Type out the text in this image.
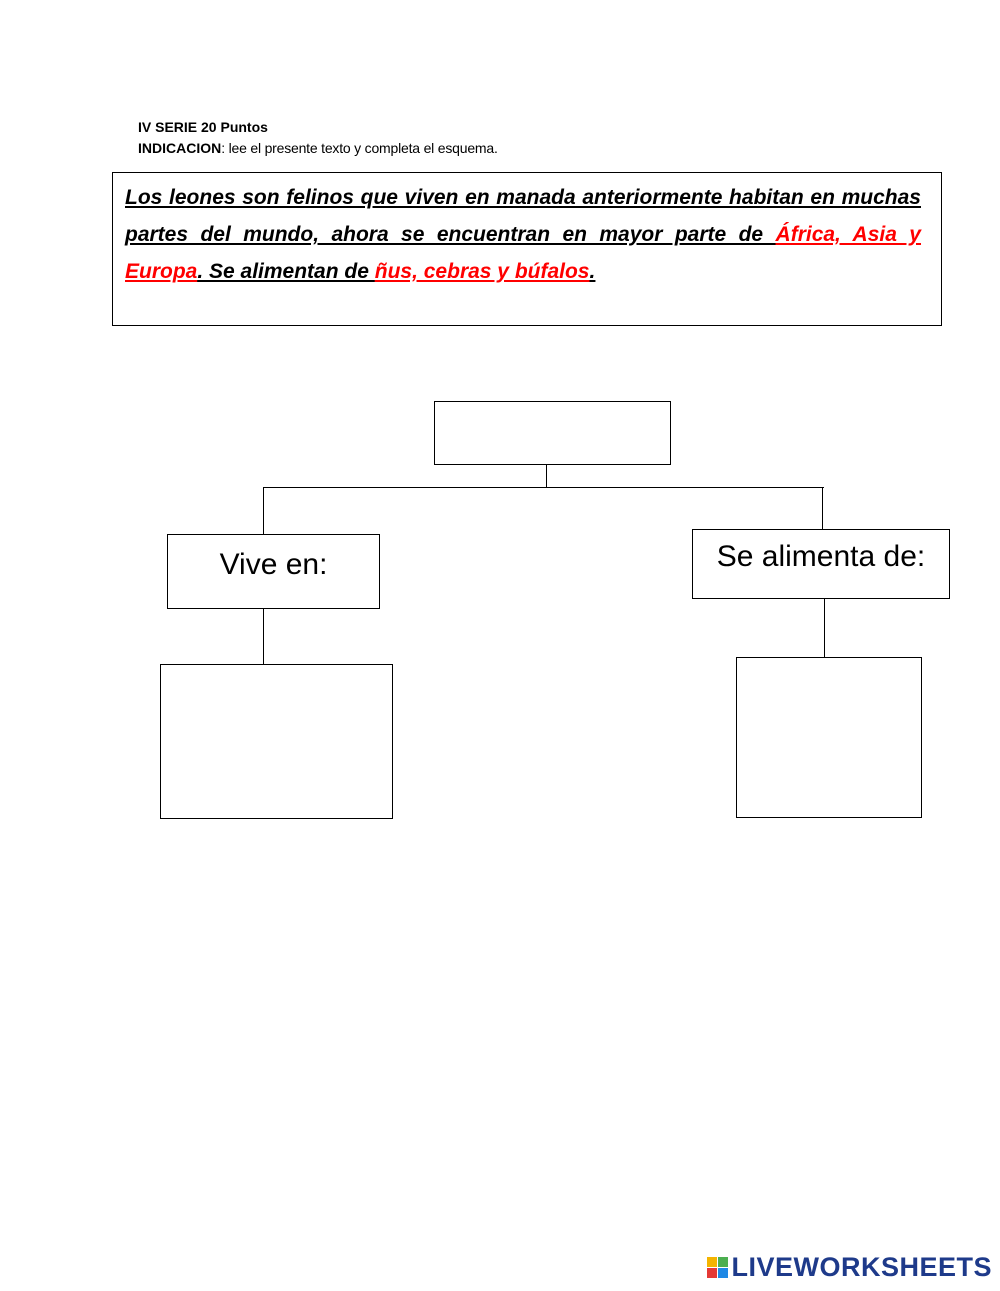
IV SERIE 20 Puntos
INDICACION: lee el presente texto y completa el esquema.
Los leones son felinos que viven en manada anteriormente habitan en muchas partes del mundo, ahora se encuentran en mayor parte de África, Asia y Europa. Se alimentan de ñus, cebras y búfalos.
Vive en:	Se alimenta de:
LIVEWORKSHEETS
